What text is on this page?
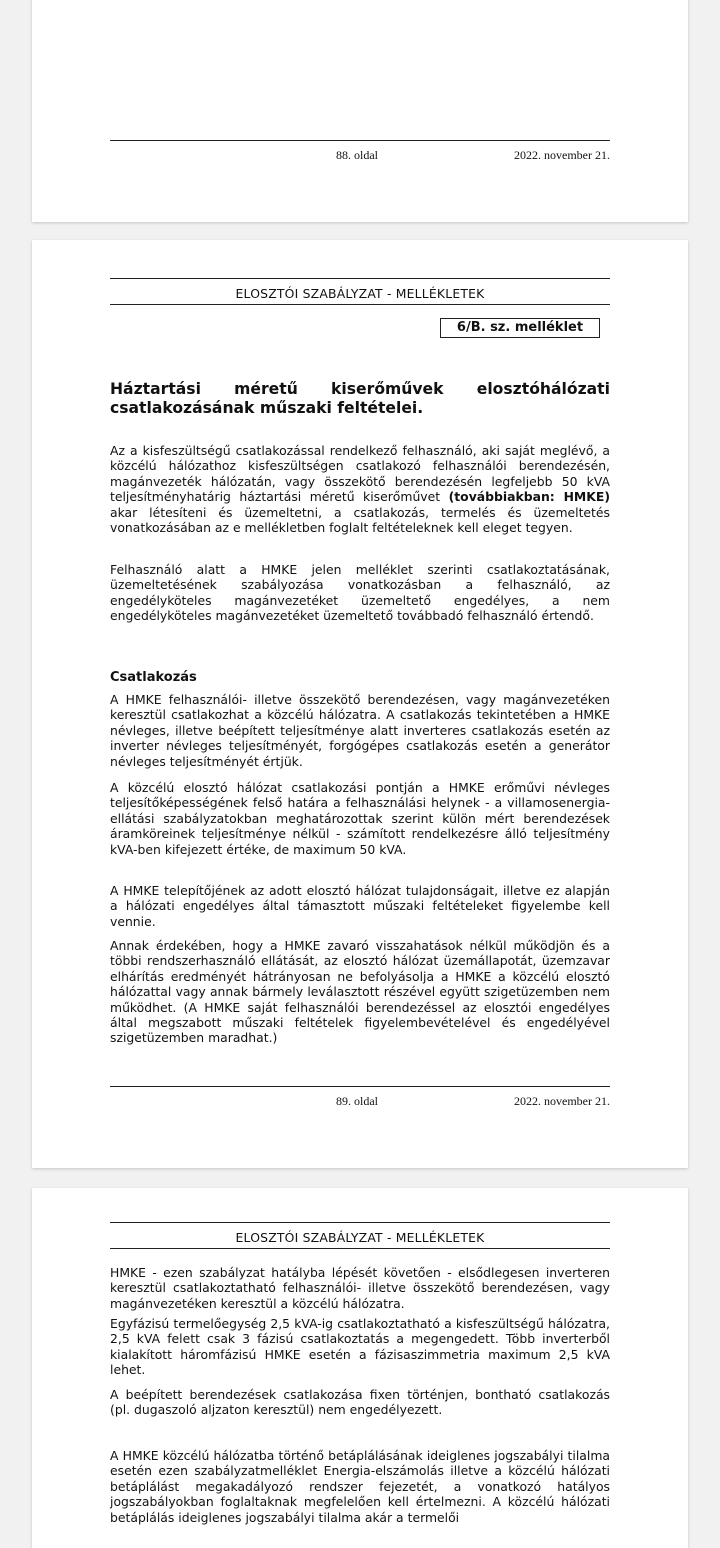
88. oldal	2022. november 21.
ELOSZTÓI SZABÁLYZAT - MELLÉKLETEK
6/B. sz. melléklet
Háztartási méretű kiserőművek elosztóhálózati
csatlakozásának műszaki feltételei.
Az a kisfeszültségű csatlakozással rendelkező felhasználó, aki saját meglévő, a közcélú hálózathoz kisfeszültségen csatlakozó felhasználói berendezésén, magánvezeték hálózatán, vagy összekötő berendezésén legfeljebb 50 kVA teljesítményhatárig háztartási méretű kiserőművet (továbbiakban: HMKE) akar létesíteni és üzemeltetni, a csatlakozás, termelés és üzemeltetés vonatkozásában az e mellékletben foglalt feltételeknek kell eleget tegyen.
Felhasználó alatt a HMKE jelen melléklet szerinti csatlakoztatásának, üzemeltetésének szabályozása vonatkozásban a felhasználó, az engedélyköteles magánvezetéket üzemeltető engedélyes, a nem engedélyköteles magánvezetéket üzemeltető továbbadó felhasználó értendő.
Csatlakozás
A HMKE felhasználói- illetve összekötő berendezésen, vagy magánvezetéken keresztül csatlakozhat a közcélú hálózatra. A csatlakozás tekintetében a HMKE névleges, illetve beépített teljesítménye alatt inverteres csatlakozás esetén az inverter névleges teljesítményét, forgógépes csatlakozás esetén a generátor névleges teljesítményét értjük.
A közcélú elosztó hálózat csatlakozási pontján a HMKE erőművi névleges teljesítőképességének felső határa a felhasználási helynek - a villamosenergia-ellátási szabályzatokban meghatározottak szerint külön mért berendezések áramköreinek teljesítménye nélkül - számított rendelkezésre álló teljesítmény kVA-ben kifejezett értéke, de maximum 50 kVA.
A HMKE telepítőjének az adott elosztó hálózat tulajdonságait, illetve ez alapján a hálózati engedélyes által támasztott műszaki feltételeket figyelembe kell vennie.
Annak érdekében, hogy a HMKE zavaró visszahatások nélkül működjön és a többi rendszerhasználó ellátását, az elosztó hálózat üzemállapotát, üzemzavar elhárítás eredményét hátrányosan ne befolyásolja a HMKE a közcélú elosztó hálózattal vagy annak bármely leválasztott részével együtt szigetüzemben nem működhet. (A HMKE saját felhasználói berendezéssel az elosztói engedélyes által megszabott műszaki feltételek figyelembevételével és engedélyével szigetüzemben maradhat.)
89. oldal	2022. november 21.
ELOSZTÓI SZABÁLYZAT - MELLÉKLETEK
HMKE - ezen szabályzat hatályba lépését követően - elsődlegesen inverteren keresztül csatlakoztatható felhasználói- illetve összekötő berendezésen, vagy magánvezetéken keresztül a közcélú hálózatra.
Egyfázisú termelőegység 2,5 kVA-ig csatlakoztatható a kisfeszültségű hálózatra, 2,5 kVA felett csak 3 fázisú csatlakoztatás a megengedett. Több inverterből kialakított háromfázisú HMKE esetén a fázisaszimmetria maximum 2,5 kVA lehet.
A beépített berendezések csatlakozása fixen történjen, bontható csatlakozás (pl. dugaszoló aljzaton keresztül) nem engedélyezett.
A HMKE közcélú hálózatba történő betáplálásának ideiglenes jogszabályi tilalma esetén ezen szabályzatmelléklet Energia-elszámolás illetve a közcélú hálózati betáplálást megakadályozó rendszer fejezetét, a vonatkozó hatályos jogszabályokban foglaltaknak megfelelően kell értelmezni. A közcélú hálózati betáplálás ideiglenes jogszabályi tilalma akár a termelői
